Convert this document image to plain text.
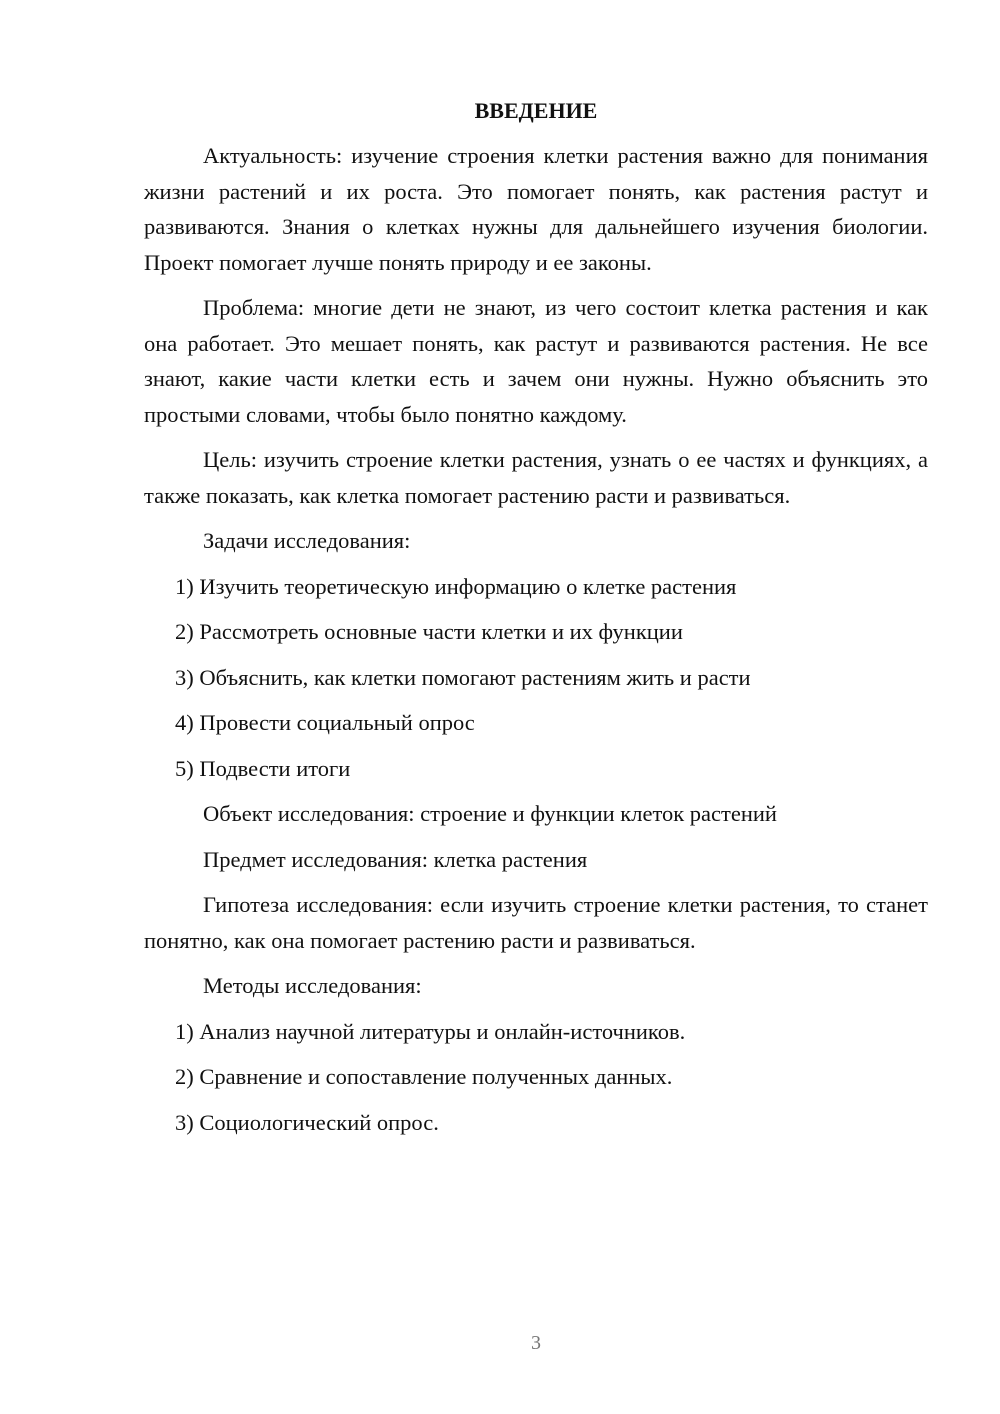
ВВЕДЕНИЕ

Актуальность: изучение строения клетки растения важно для понимания жизни растений и их роста. Это помогает понять, как растения растут и развиваются. Знания о клетках нужны для дальнейшего изучения биологии. Проект помогает лучше понять природу и ее законы.

Проблема: многие дети не знают, из чего состоит клетка растения и как она работает. Это мешает понять, как растут и развиваются растения. Не все знают, какие части клетки есть и зачем они нужны. Нужно объяснить это простыми словами, чтобы было понятно каждому.

Цель: изучить строение клетки растения, узнать о ее частях и функциях, а также показать, как клетка помогает растению расти и развиваться.

Задачи исследования:
1) Изучить теоретическую информацию о клетке растения
2) Рассмотреть основные части клетки и их функции
3) Объяснить, как клетки помогают растениям жить и расти
4) Провести социальный опрос
5) Подвести итоги
Объект исследования: строение и функции клеток растений
Предмет исследования: клетка растения

Гипотеза исследования: если изучить строение клетки растения, то станет понятно, как она помогает растению расти и развиваться.

Методы исследования:
1) Анализ научной литературы и онлайн-источников.
2) Сравнение и сопоставление полученных данных.
3) Социологический опрос.
3
